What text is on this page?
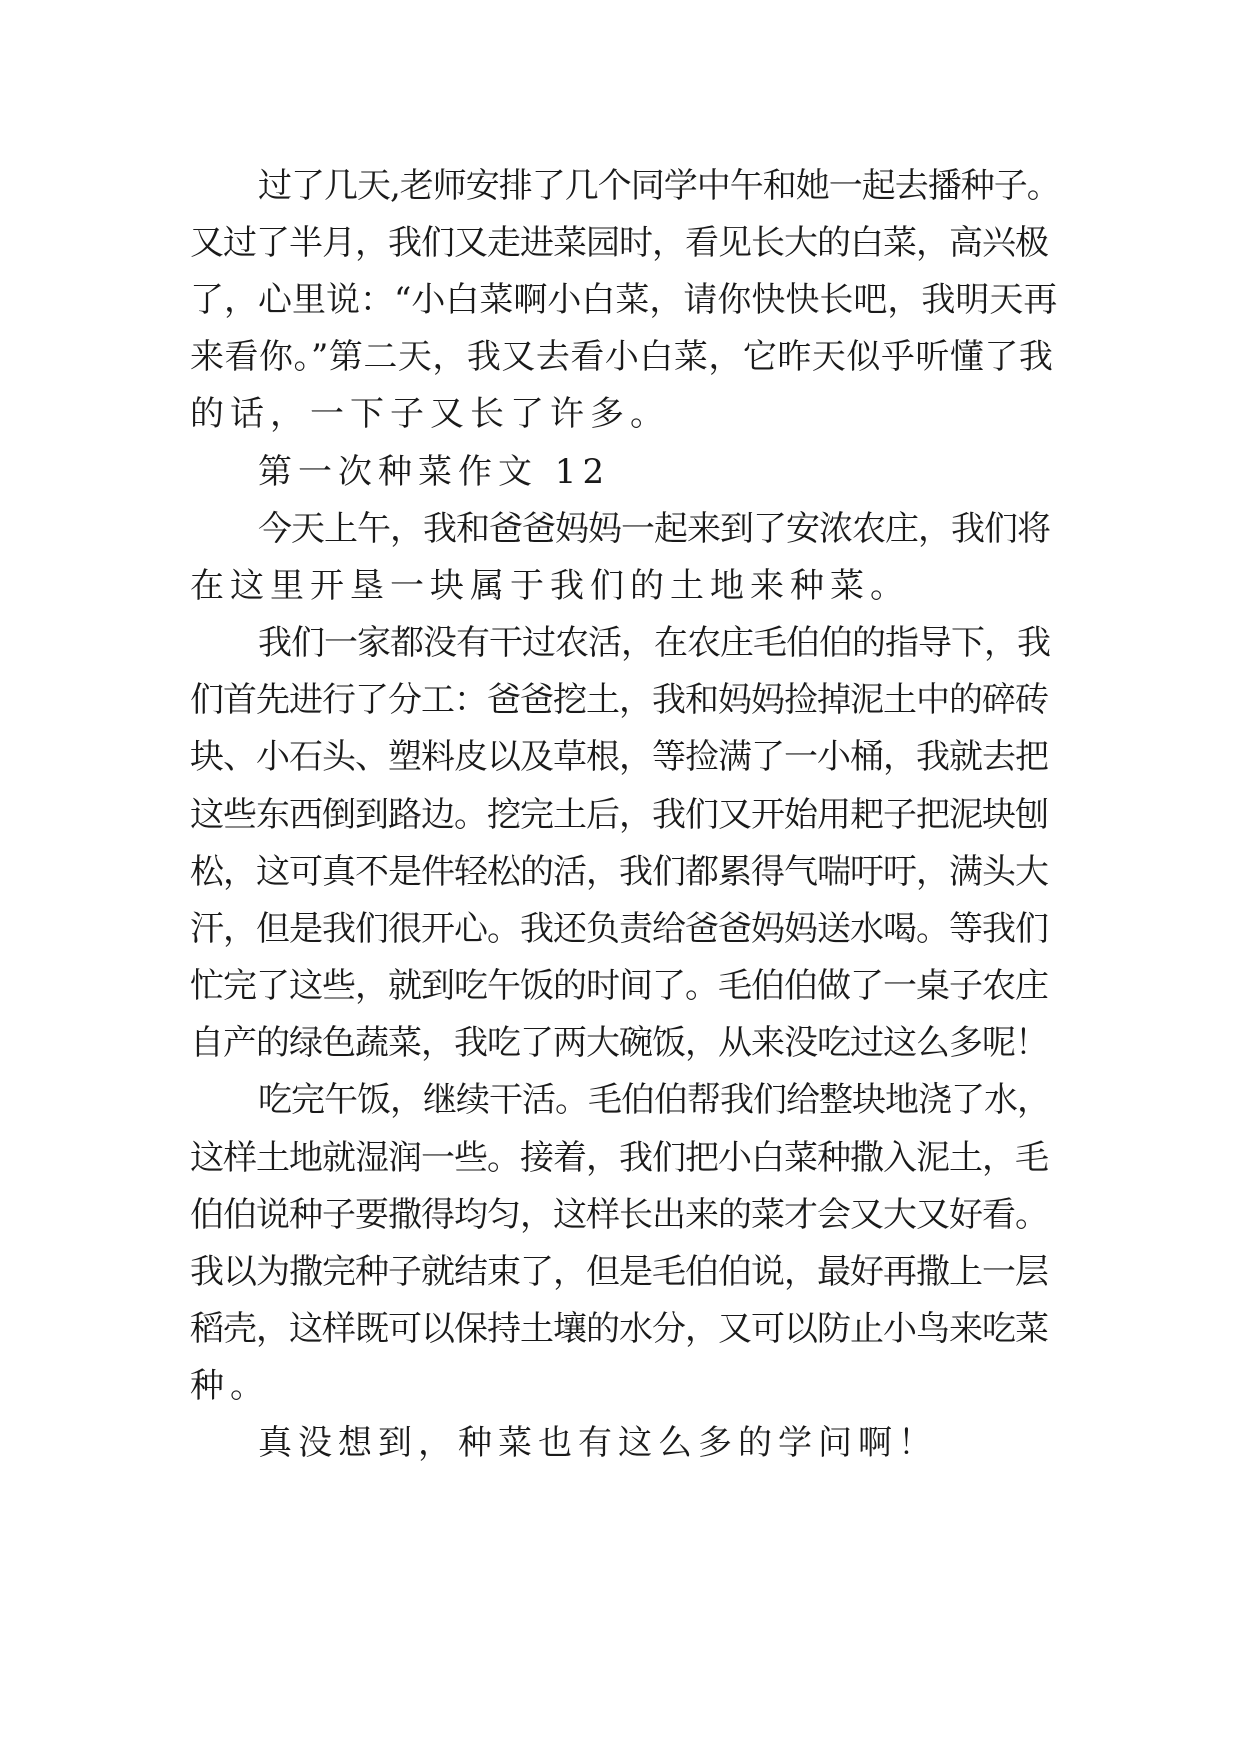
过了几天,老师安排了几个同学中午和她一起去播种子。
又过了半月，我们又走进菜园时，看见长大的白菜，高兴极
了，心里说：“小白菜啊小白菜，请你快快长吧，我明天再
来看你。”第二天，我又去看小白菜，它昨天似乎听懂了我
的话，一下子又长了许多。
第一次种菜作文 12
今天上午，我和爸爸妈妈一起来到了安浓农庄，我们将
在这里开垦一块属于我们的土地来种菜。
我们一家都没有干过农活，在农庄毛伯伯的指导下，我
们首先进行了分工：爸爸挖土，我和妈妈捡掉泥土中的碎砖
块、小石头、塑料皮以及草根，等捡满了一小桶，我就去把
这些东西倒到路边。挖完土后，我们又开始用耙子把泥块刨
松，这可真不是件轻松的活，我们都累得气喘吁吁，满头大
汗，但是我们很开心。我还负责给爸爸妈妈送水喝。等我们
忙完了这些，就到吃午饭的时间了。毛伯伯做了一桌子农庄
自产的绿色蔬菜，我吃了两大碗饭，从来没吃过这么多呢！
吃完午饭，继续干活。毛伯伯帮我们给整块地浇了水，
这样土地就湿润一些。接着，我们把小白菜种撒入泥土，毛
伯伯说种子要撒得均匀，这样长出来的菜才会又大又好看。
我以为撒完种子就结束了，但是毛伯伯说，最好再撒上一层
稻壳，这样既可以保持土壤的水分，又可以防止小鸟来吃菜
种。
真没想到，种菜也有这么多的学问啊！
